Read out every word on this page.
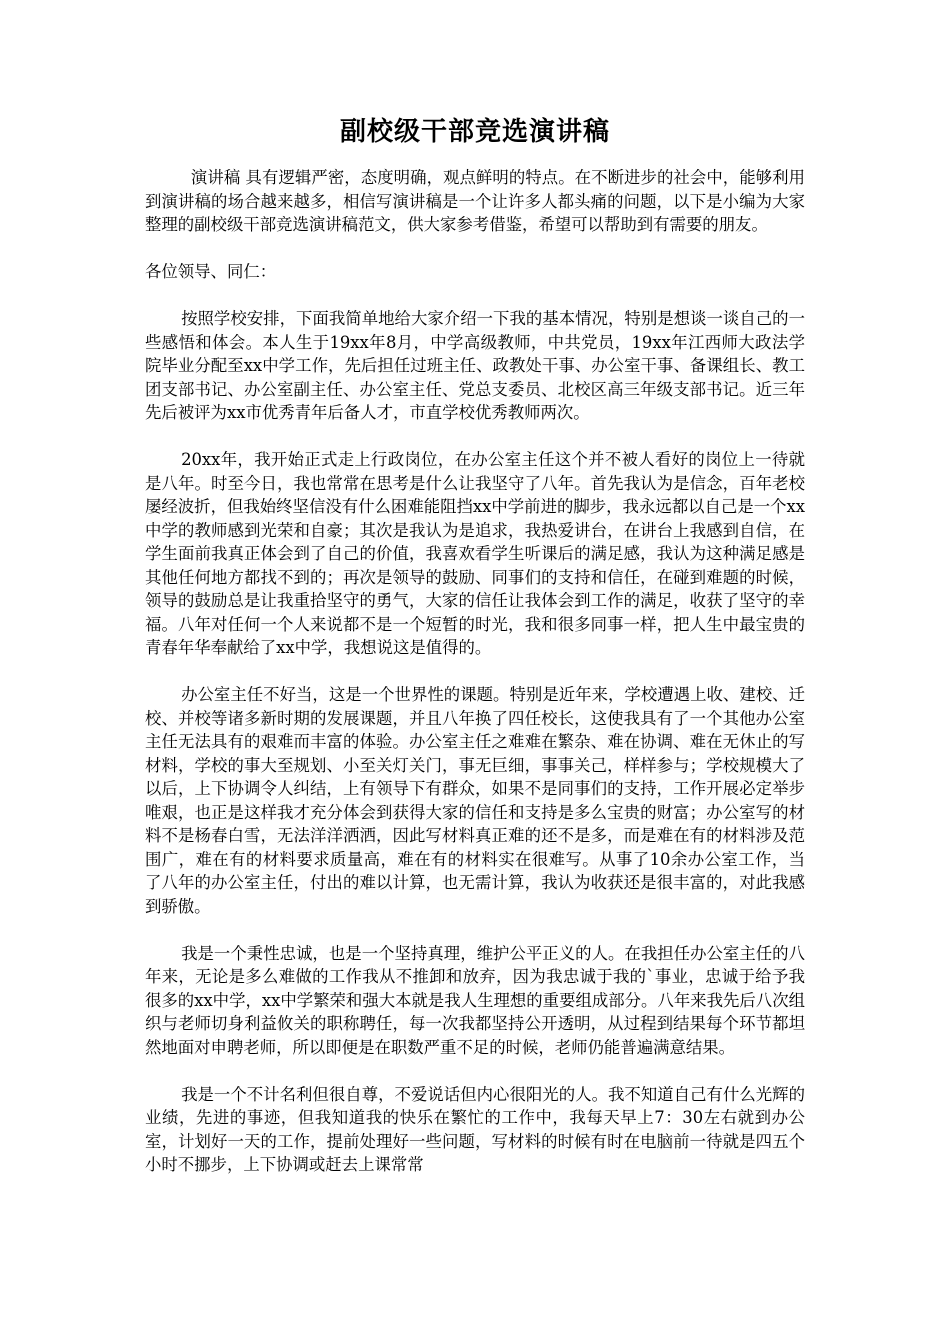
副校级干部竞选演讲稿

演讲稿 具有逻辑严密，态度明确，观点鲜明的特点。在不断进步的社会中，能够利用到演讲稿的场合越来越多，相信写演讲稿是一个让许多人都头痛的问题，以下是小编为大家整理的副校级干部竞选演讲稿范文，供大家参考借鉴，希望可以帮助到有需要的朋友。

各位领导、同仁：

按照学校安排，下面我简单地给大家介绍一下我的基本情况，特别是想谈一谈自己的一些感悟和体会。本人生于19xx年8月，中学高级教师，中共党员，19xx年江西师大政法学院毕业分配至xx中学工作，先后担任过班主任、政教处干事、办公室干事、备课组长、教工团支部书记、办公室副主任、办公室主任、党总支委员、北校区高三年级支部书记。近三年先后被评为xx市优秀青年后备人才，市直学校优秀教师两次。

20xx年，我开始正式走上行政岗位，在办公室主任这个并不被人看好的岗位上一待就是八年。时至今日，我也常常在思考是什么让我坚守了八年。首先我认为是信念，百年老校屡经波折，但我始终坚信没有什么困难能阻挡xx中学前进的脚步，我永远都以自己是一个xx中学的教师感到光荣和自豪；其次是我认为是追求，我热爱讲台，在讲台上我感到自信，在学生面前我真正体会到了自己的价值，我喜欢看学生听课后的满足感，我认为这种满足感是其他任何地方都找不到的；再次是领导的鼓励、同事们的支持和信任，在碰到难题的时候，领导的鼓励总是让我重拾坚守的勇气，大家的信任让我体会到工作的满足，收获了坚守的幸福。八年对任何一个人来说都不是一个短暂的时光，我和很多同事一样，把人生中最宝贵的青春年华奉献给了xx中学，我想说这是值得的。

办公室主任不好当，这是一个世界性的课题。特别是近年来，学校遭遇上收、建校、迁校、并校等诸多新时期的发展课题，并且八年换了四任校长，这使我具有了一个其他办公室主任无法具有的艰难而丰富的体验。办公室主任之难难在繁杂、难在协调、难在无休止的写材料，学校的事大至规划、小至关灯关门，事无巨细，事事关己，样样参与；学校规模大了以后，上下协调令人纠结，上有领导下有群众，如果不是同事们的支持，工作开展必定举步唯艰，也正是这样我才充分体会到获得大家的信任和支持是多么宝贵的财富；办公室写的材料不是杨春白雪，无法洋洋洒洒，因此写材料真正难的还不是多，而是难在有的材料涉及范围广，难在有的材料要求质量高，难在有的材料实在很难写。从事了10余办公室工作，当了八年的办公室主任，付出的难以计算，也无需计算，我认为收获还是很丰富的，对此我感到骄傲。

我是一个秉性忠诚，也是一个坚持真理，维护公平正义的人。在我担任办公室主任的八年来，无论是多么难做的工作我从不推卸和放弃，因为我忠诚于我的`事业，忠诚于给予我很多的xx中学，xx中学繁荣和强大本就是我人生理想的重要组成部分。八年来我先后八次组织与老师切身利益攸关的职称聘任，每一次我都坚持公开透明，从过程到结果每个环节都坦然地面对申聘老师，所以即便是在职数严重不足的时候，老师仍能普遍满意结果。

我是一个不计名利但很自尊，不爱说话但内心很阳光的人。我不知道自己有什么光辉的业绩，先进的事迹，但我知道我的快乐在繁忙的工作中，我每天早上7：30左右就到办公室，计划好一天的工作，提前处理好一些问题，写材料的时候有时在电脑前一待就是四五个小时不挪步，上下协调或赶去上课常常
